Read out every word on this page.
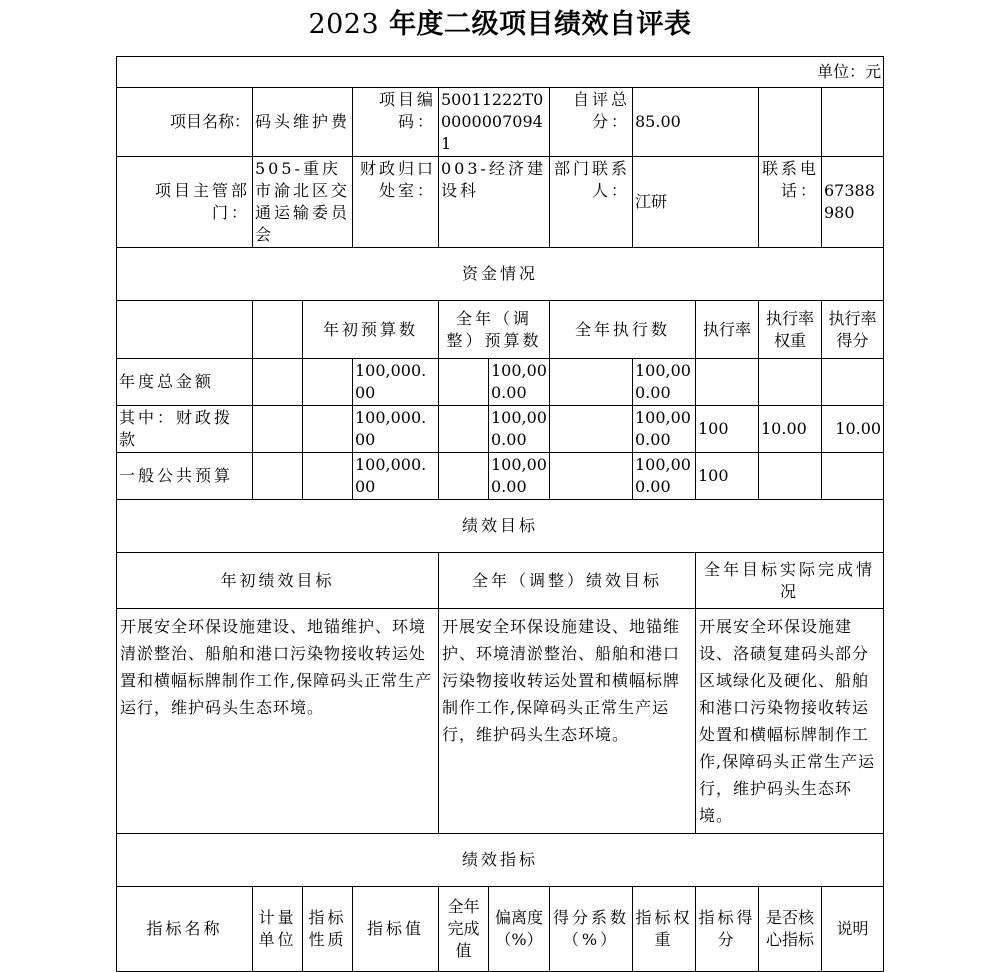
2023 年度二级项目绩效自评表
单位：元										
项目名称：	码头维护费		项目编码：	50011222T000000070941		自评总分：	85.00			
项目主管部门：	505-重庆市渝北区交通运输委员会		财政归口处室：	003-经济建设科		部门联系人：	江研		联系电话：	67388980
资金情况										
		年初预算数		全年（调整）预算数		全年执行数		执行率	执行率权重	执行率得分
年度总金额			100,000.00		100,000.00		100,000.00			
其中：财政拨款			100,000.00		100,000.00		100,000.00	100	10.00	10.00
一般公共预算			100,000.00		100,000.00		100,000.00	100		
绩效目标										
年初绩效目标				全年（调整）绩效目标				全年目标实际完成情况		
开展安全环保设施建设、地锚维护、环境清淤整治、船舶和港口污染物接收转运处置和横幅标牌制作工作,保障码头正常生产运行，维护码头生态环境。				开展安全环保设施建设、地锚维护、环境清淤整治、船舶和港口污染物接收转运处置和横幅标牌制作工作,保障码头正常生产运行，维护码头生态环境。				开展安全环保设施建设、洛碛复建码头部分区域绿化及硬化、船舶和港口污染物接收转运处置和横幅标牌制作工作,保障码头正常生产运行，维护码头生态环境。		
绩效指标										
指标名称	计量单位	指标性质	指标值	全年完成值	偏离度（%）	得分系数（%）	指标权重	指标得分	是否核心指标	说明
